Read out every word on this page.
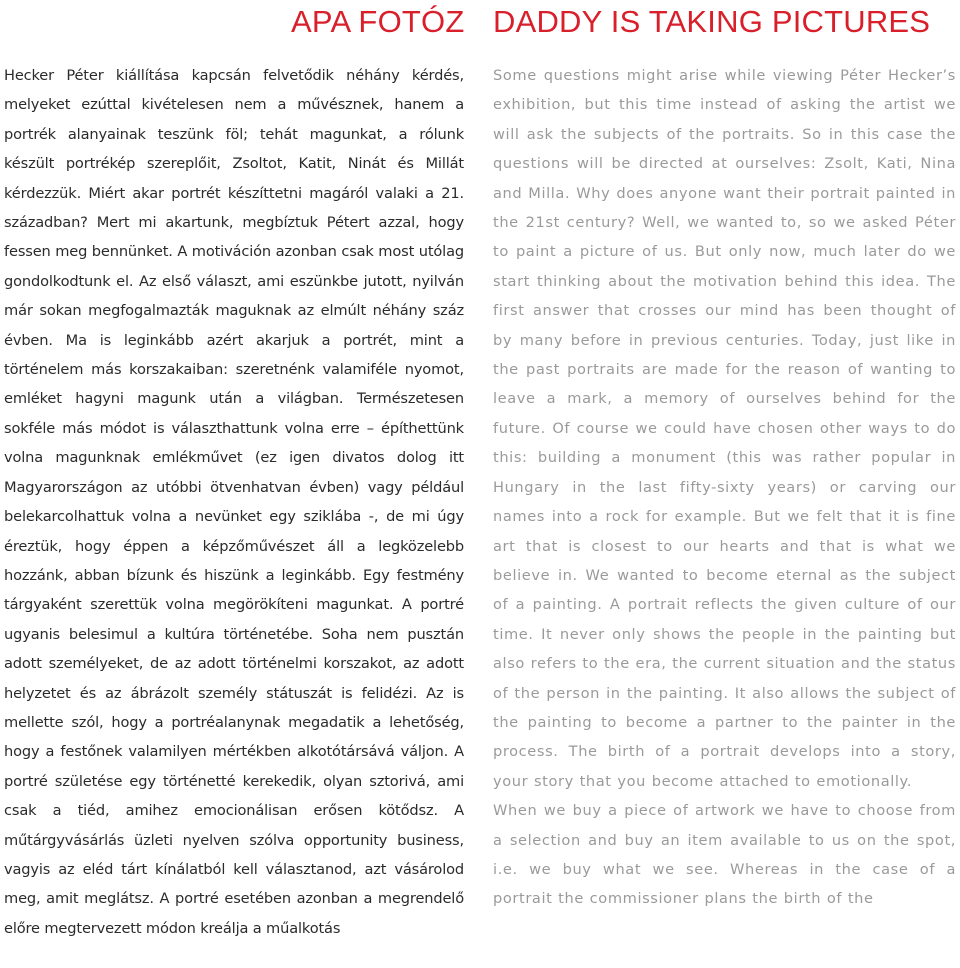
APA FOTÓZ DADDY IS TAKING PICTURES

Hecker Péter kiállítása kapcsán felvetődik néhány kérdés, melyeket ezúttal kivételesen nem a művésznek, hanem a portrék alanyainak teszünk föl; tehát magunkat, a rólunk készült portrékép szereplőit, Zsoltot, Katit, Ninát és Millát kérdezzük. Miért akar portrét készíttetni magáról valaki a 21. században? Mert mi akartunk, megbíztuk Pétert azzal, hogy fessen meg bennünket. A motiváción azonban csak most utólag gondolkodtunk el. Az első választ, ami eszünkbe jutott, nyilván már sokan megfogalmazták maguknak az elmúlt néhány száz évben. Ma is leginkább azért akarjuk a portrét, mint a történelem más korszakaiban: szeretnénk valamiféle nyomot, emléket hagyni magunk után a világban. Természetesen sokféle más módot is választhattunk volna erre – építhettünk volna magunknak emlékművet (ez igen divatos dolog itt Magyarországon az utóbbi ötvenhatvan évben) vagy például belekarcolhattuk volna a nevünket egy sziklába -, de mi úgy éreztük, hogy éppen a képzőművészet áll a legközelebb hozzánk, abban bízunk és hiszünk a leginkább. Egy festmény tárgyaként szerettük volna megörökíteni magunkat. A portré ugyanis belesimul a kultúra történetébe. Soha nem pusztán adott személyeket, de az adott történelmi korszakot, az adott helyzetet és az ábrázolt személy státuszát is felidézi. Az is mellette szól, hogy a portréalanynak megadatik a lehetőség, hogy a festőnek valamilyen mértékben alkotótársává váljon. A portré születése egy történetté kerekedik, olyan sztorivá, ami csak a tiéd, amihez emocionálisan erősen kötődsz. A műtárgyvásárlás üzleti nyelven szólva opportunity business, vagyis az eléd tárt kínálatból kell választanod, azt vásárolod meg, amit meglátsz. A portré esetében azonban a megrendelő előre megtervezett módon kreálja a műalkotás

Some questions might arise while viewing Péter Hecker’s exhibition, but this time instead of asking the artist we will ask the subjects of the portraits. So in this case the questions will be directed at ourselves: Zsolt, Kati, Nina and Milla. Why does anyone want their portrait painted in the 21st century? Well, we wanted to, so we asked Péter to paint a picture of us. But only now, much later do we start thinking about the motivation behind this idea. The first answer that crosses our mind has been thought of by many before in previous centuries. Today, just like in the past portraits are made for the reason of wanting to leave a mark, a memory of ourselves behind for the future. Of course we could have chosen other ways to do this: building a monument (this was rather popular in Hungary in the last fifty-sixty years) or carving our names into a rock for example. But we felt that it is fine art that is closest to our hearts and that is what we believe in. We wanted to become eternal as the subject of a painting. A portrait reflects the given culture of our time. It never only shows the people in the painting but also refers to the era, the current situation and the status of the person in the painting. It also allows the subject of the painting to become a partner to the painter in the process. The birth of a portrait develops into a story, your story that you become attached to emotionally.

When we buy a piece of artwork we have to choose from a selection and buy an item available to us on the spot, i.e. we buy what we see. Whereas in the case of a portrait the commissioner plans the birth of the
